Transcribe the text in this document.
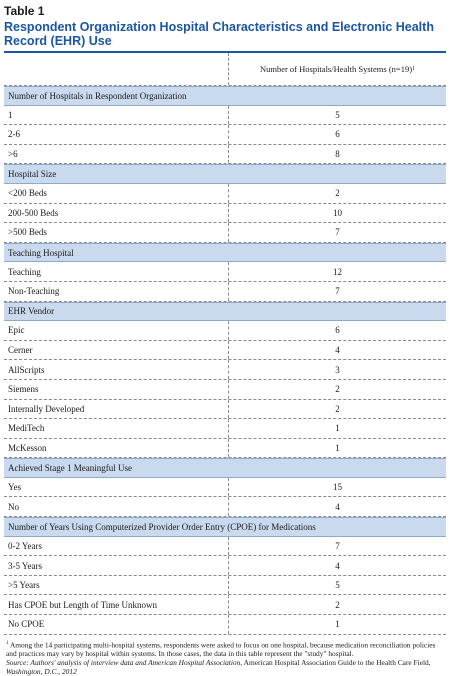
Table 1
Respondent Organization Hospital Characteristics and Electronic Health
Record (EHR) Use
Number of Hospitals/Health Systems (n=19) 1
Number of Hospitals in Respondent Organization
1	5
2-6	6
>6	8
Hospital Size
<200 Beds	2
200-500 Beds	10
>500 Beds	7
Teaching Hospital
Teaching	12
Non-Teaching	7
EHR Vendor
Epic	6
Cerner	4
AllScripts	3
Siemens	2
Internally Developed	2
MediTech	1
McKesson	1
Achieved Stage 1 Meaningful Use
Yes	15
No	4
Number of Years Using Computerized Provider Order Entry (CPOE) for Medications
0-2 Years	7
3-5 Years	4
>5 Years	5
Has CPOE but Length of Time Unknown	2
No CPOE	1
$^1$ Among the 14 participating multi-hospital systems, respondents were asked to focus on one hospital, because medication reconciliation policies and practices may vary by hospital within systems. In those cases, the data in this table represent the "study" hospital.
Source: Authors' analysis of interview data and American Hospital Association, American Hospital Association Guide to the Health Care Field, Washington, D.C., 2012
